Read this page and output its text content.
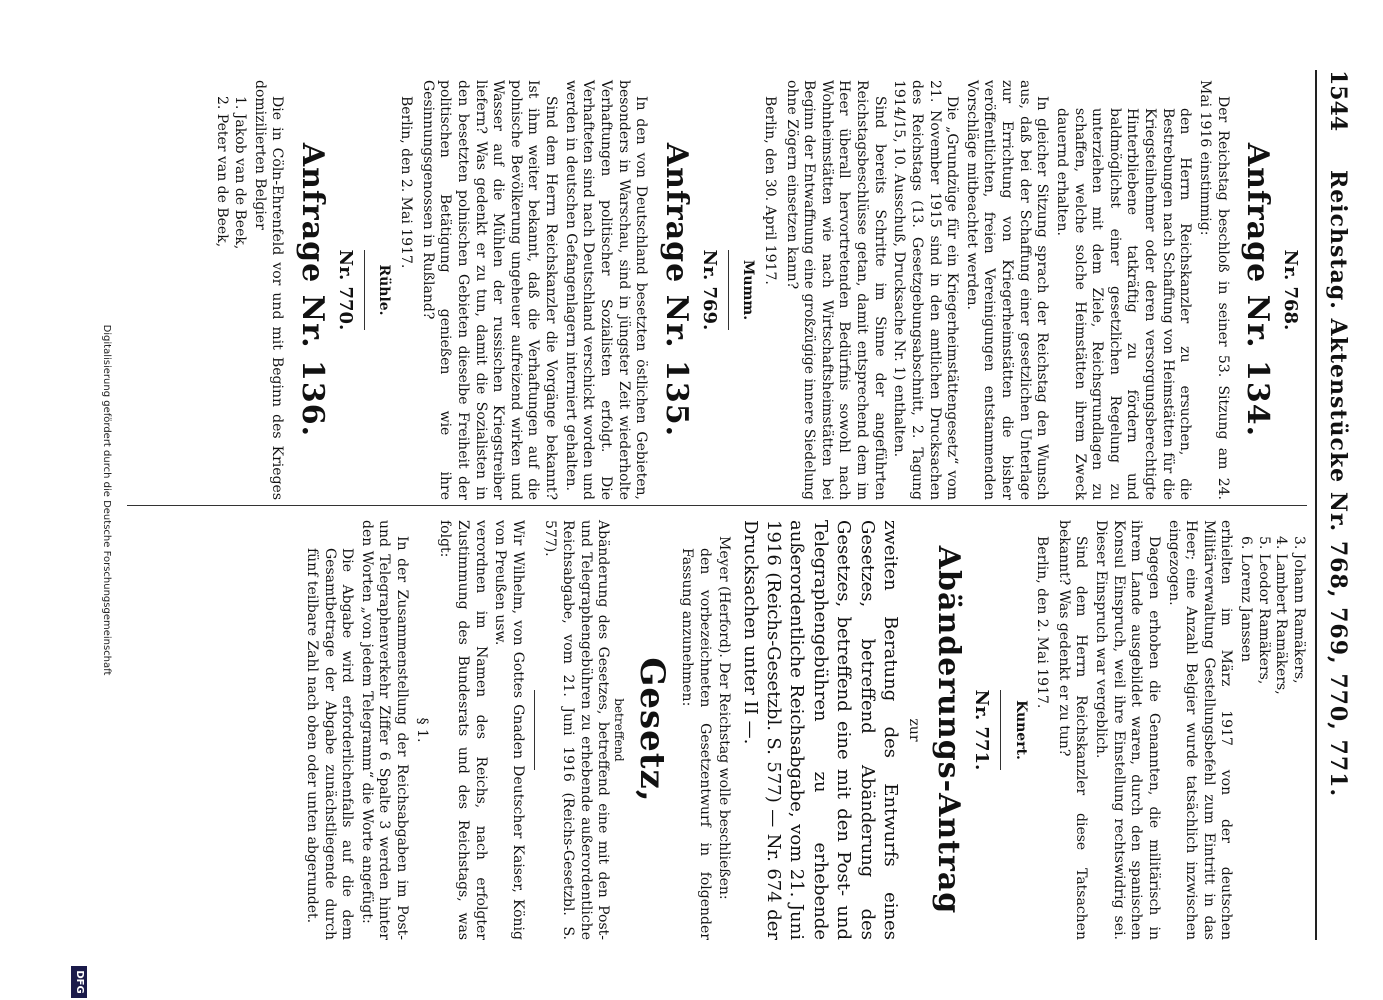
1544
Reichstag. Aktenstücke Nr. 768, 769, 770, 771.
Nr. 768.
Anfrage Nr. 134.

Der Reichstag beschloß in seiner 53. Sitzung am 24. Mai 1916 einstimmig:

den Herrn Reichskanzler zu ersuchen, die Bestrebungen nach Schaffung von Heimstätten für die Kriegsteilnehmer oder deren versorgungsberechtigte Hinterbliebene tatkräftig zu fördern und baldmöglichst einer gesetzlichen Regelung zu unterziehen mit dem Ziele, Reichsgrundlagen zu schaffen, welche solche Heimstätten ihrem Zweck dauernd erhalten.

In gleicher Sitzung sprach der Reichstag den Wunsch aus, daß bei der Schaffung einer gesetzlichen Unterlage zur Errichtung von Kriegerheimstätten die bisher veröffentlichten, freien Vereinigungen entstammenden Vorschläge mitbeachtet werden.

Die „Grundzüge für ein Kriegerheimstättengesetz“ vom 21. November 1915 sind in den amtlichen Drucksachen des Reichstags (13. Gesetzgebungsabschnitt, 2. Tagung 1914/15, 10. Ausschuß, Drucksache Nr. 1) enthalten.

Sind bereits Schritte im Sinne der angeführten Reichstagsbeschlüsse getan, damit entsprechend dem im Heer überall hervortretenden Bedürfnis sowohl nach Wohnheimstätten wie nach Wirtschaftsheimstätten bei Beginn der Entwaffnung eine großzügige innere Siedelung ohne Zögern einsetzen kann?

Berlin, den 30. April 1917.
Mumm.
Nr. 769.
Anfrage Nr. 135.

In den von Deutschland besetzten östlichen Gebieten, besonders in Warschau, sind in jüngster Zeit wiederholte Verhaftungen politischer Sozialisten erfolgt. Die Verhafteten sind nach Deutschland verschickt worden und werden in deutschen Gefangenlagern interniert gehalten.

Sind dem Herrn Reichskanzler die Vorgänge bekannt? Ist ihm weiter bekannt, daß die Verhaftungen auf die polnische Bevölkerung ungeheuer aufreizend wirken und Wasser auf die Mühlen der russischen Kriegstreiber liefern? Was gedenkt er zu tun, damit die Sozialisten in den besetzten polnischen Gebieten dieselbe Freiheit der politischen Betätigung genießen wie ihre Gesinnungsgenossen in Rußland?

Berlin, den 2. Mai 1917.
Rühle.
Nr. 770.
Anfrage Nr. 136.

Die in Cöln-Ehrenfeld vor und mit Beginn des Krieges domizilierten Belgier

1. Jakob van de Beek,
2. Peter van de Beek,
3. Johann Ramäkers,
4. Lambert Ramäkers,
5. Leodor Ramäkers,
6. Lorenz Janssen

erhielten im März 1917 von der deutschen Militärverwaltung Gestellungsbefehl zum Eintritt in das Heer; eine Anzahl Belgier wurde tatsächlich inzwischen eingezogen.

Dagegen erhoben die Genannten, die militärisch in ihrem Lande ausgebildet waren, durch den spanischen Konsul Einspruch, weil ihre Einstellung rechtswidrig sei. Dieser Einspruch war vergeblich.

Sind dem Herrn Reichskanzler diese Tatsachen bekannt? Was gedenkt er zu tun?

Berlin, den 2. Mai 1917.
Kunert.
Nr. 771.
Abänderungs-Antrag
zur

zweiten Beratung des Entwurfs eines Gesetzes, betreffend Abänderung des Gesetzes, betreffend eine mit den Post- und Telegraphengebühren zu erhebende außerordentliche Reichsabgabe, vom 21. Juni 1916 (Reichs-Gesetzbl. S. 577) — Nr. 674 der Drucksachen unter II —.

Meyer (Herford). Der Reichstag wolle beschließen:

den vorbezeichneten Gesetzentwurf in folgender Fassung anzunehmen:

Gesetz,
betreffend

Abänderung des Gesetzes, betreffend eine mit den Post- und Telegraphengebühren zu erhebende außerordentliche Reichsabgabe, vom 21. Juni 1916 (Reichs-Gesetzbl. S. 577).

Wir Wilhelm, von Gottes Gnaden Deutscher Kaiser, König von Preußen usw.

verordnen im Namen des Reichs, nach erfolgter Zustimmung des Bundesrats und des Reichstags, was folgt:

§ 1.

In der Zusammenstellung der Reichsabgaben im Post- und Telegraphenverkehr Ziffer 6 Spalte 3 werden hinter den Worten „von jedem Telegramm“ die Worte angefügt:

Die Abgabe wird erforderlichenfalls auf die dem Gesamtbetrage der Abgabe zunächstliegende durch fünf teilbare Zahl nach oben oder unten abgerundet.

Digitalisierung gefördert durch die Deutsche Forschungsgemeinschaft
DFG
